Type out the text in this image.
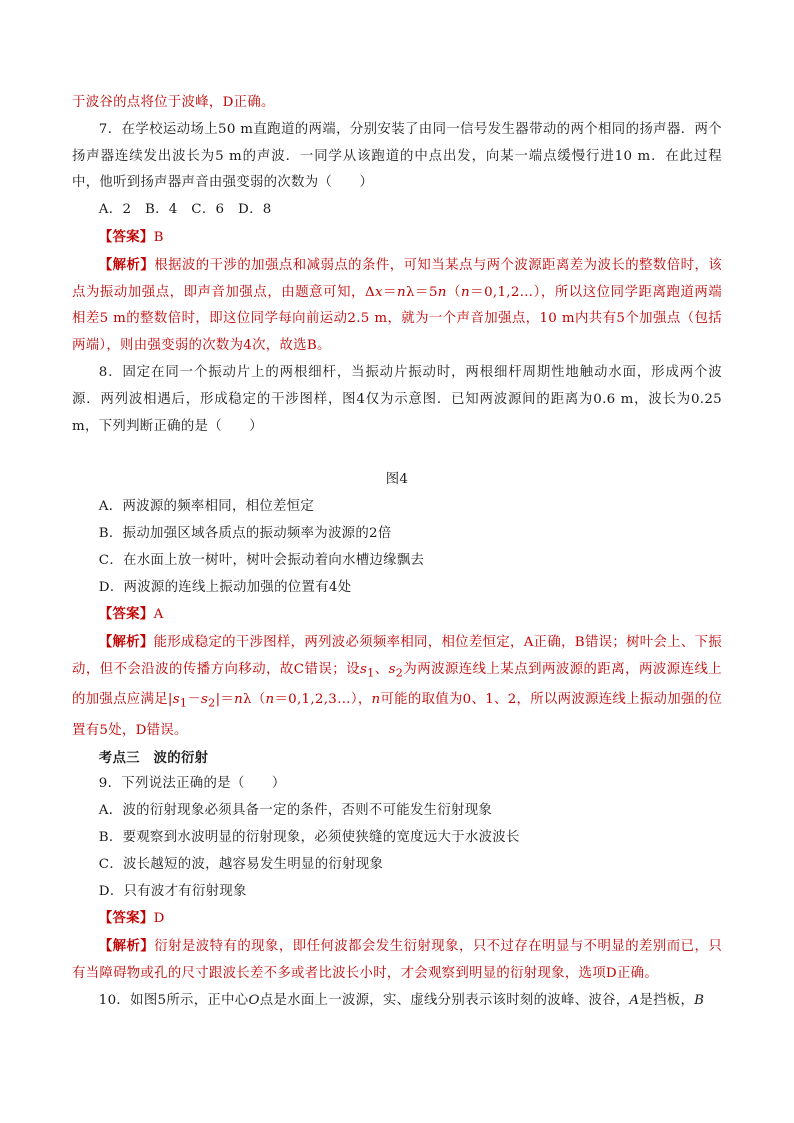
于波谷的点将位于波峰，D正确。

7．在学校运动场上50 m直跑道的两端，分别安装了由同一信号发生器带动的两个相同的扬声器．两个扬声器连续发出波长为5 m的声波．一同学从该跑道的中点出发，向某一端点缓慢行进10 m．在此过程中，他听到扬声器声音由强变弱的次数为（　　）

A．2　B．4　C．6　D．8

【答案】B

【解析】根据波的干涉的加强点和减弱点的条件，可知当某点与两个波源距离差为波长的整数倍时，该点为振动加强点，即声音加强点，由题意可知，Δx＝nλ＝5n（n＝0,1,2…），所以这位同学距离跑道两端相差5 m的整数倍时，即这位同学每向前运动2.5 m，就为一个声音加强点，10 m内共有5个加强点（包括两端），则由强变弱的次数为4次，故选B。

8．固定在同一个振动片上的两根细杆，当振动片振动时，两根细杆周期性地触动水面，形成两个波源．两列波相遇后，形成稳定的干涉图样，图4仅为示意图．已知两波源间的距离为0.6 m，波长为0.25 m，下列判断正确的是（　　）

图4

A．两波源的频率相同，相位差恒定

B．振动加强区域各质点的振动频率为波源的2倍

C．在水面上放一树叶，树叶会振动着向水槽边缘飘去

D．两波源的连线上振动加强的位置有4处

【答案】A

【解析】能形成稳定的干涉图样，两列波必须频率相同，相位差恒定，A正确，B错误；树叶会上、下振动，但不会沿波的传播方向移动，故C错误；设$s_1$、$s_2$为两波源连线上某点到两波源的距离，两波源连线上的加强点应满足$|s_1-s_2|=n\lambda(n=0,1,2,3\dots)$，n可能的取值为0、1、2，所以两波源连线上振动加强的位置有5处，D错误。

考点三　波的衍射

9．下列说法正确的是（　　）

A．波的衍射现象必须具备一定的条件，否则不可能发生衍射现象

B．要观察到水波明显的衍射现象，必须使狭缝的宽度远大于水波波长

C．波长越短的波，越容易发生明显的衍射现象

D．只有波才有衍射现象

【答案】D

【解析】衍射是波特有的现象，即任何波都会发生衍射现象，只不过存在明显与不明显的差别而已，只有当障碍物或孔的尺寸跟波长差不多或者比波长小时，才会观察到明显的衍射现象，选项D正确。

10．如图5所示，正中心O点是水面上一波源，实、虚线分别表示该时刻的波峰、波谷，A是挡板，B
